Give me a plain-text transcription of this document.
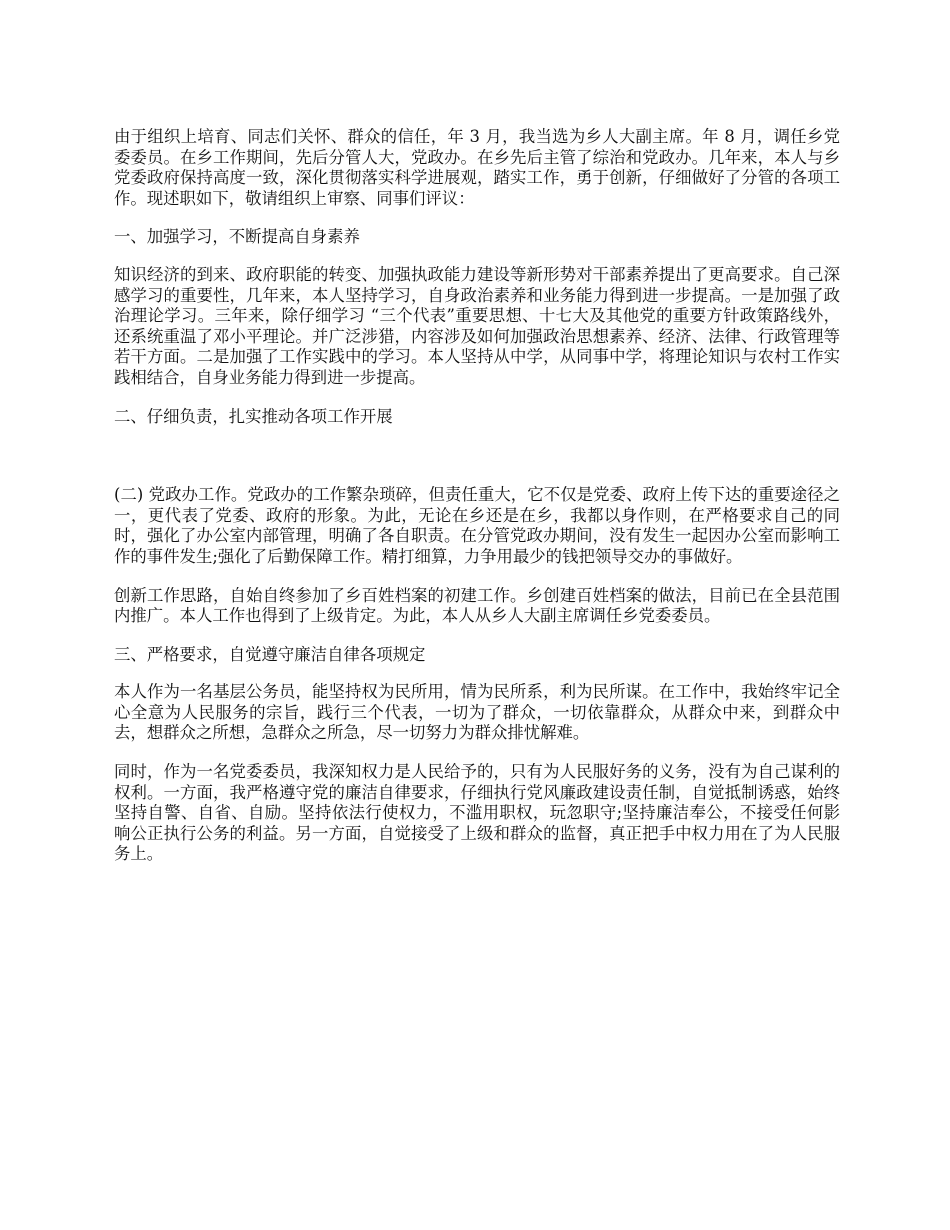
由于组织上培育、同志们关怀、群众的信任，年 3 月，我当选为乡人大副主席。年 8 月，调任乡党委委员。在乡工作期间，先后分管人大，党政办。在乡先后主管了综治和党政办。几年来，本人与乡党委政府保持高度一致，深化贯彻落实科学进展观，踏实工作，勇于创新，仔细做好了分管的各项工作。现述职如下，敬请组织上审察、同事们评议：

一、加强学习，不断提高自身素养

知识经济的到来、政府职能的转变、加强执政能力建设等新形势对干部素养提出了更高要求。自己深感学习的重要性，几年来，本人坚持学习，自身政治素养和业务能力得到进一步提高。一是加强了政治理论学习。三年来，除仔细学习 “三个代表”重要思想、十七大及其他党的重要方针政策路线外，还系统重温了邓小平理论。并广泛涉猎，内容涉及如何加强政治思想素养、经济、法律、行政管理等若干方面。二是加强了工作实践中的学习。本人坚持从中学，从同事中学，将理论知识与农村工作实践相结合，自身业务能力得到进一步提高。

二、仔细负责，扎实推动各项工作开展

(二) 党政办工作。党政办的工作繁杂琐碎，但责任重大，它不仅是党委、政府上传下达的重要途径之一，更代表了党委、政府的形象。为此，无论在乡还是在乡，我都以身作则，在严格要求自己的同时，强化了办公室内部管理，明确了各自职责。在分管党政办期间，没有发生一起因办公室而影响工作的事件发生;强化了后勤保障工作。精打细算，力争用最少的钱把领导交办的事做好。

创新工作思路，自始自终参加了乡百姓档案的初建工作。乡创建百姓档案的做法，目前已在全县范围内推广。本人工作也得到了上级肯定。为此，本人从乡人大副主席调任乡党委委员。

三、严格要求，自觉遵守廉洁自律各项规定

本人作为一名基层公务员，能坚持权为民所用，情为民所系，利为民所谋。在工作中，我始终牢记全心全意为人民服务的宗旨，践行三个代表，一切为了群众，一切依靠群众，从群众中来，到群众中去，想群众之所想，急群众之所急，尽一切努力为群众排忧解难。

同时，作为一名党委委员，我深知权力是人民给予的，只有为人民服好务的义务，没有为自己谋利的权利。一方面，我严格遵守党的廉洁自律要求，仔细执行党风廉政建设责任制，自觉抵制诱惑，始终坚持自警、自省、自励。坚持依法行使权力，不滥用职权，玩忽职守;坚持廉洁奉公，不接受任何影响公正执行公务的利益。另一方面，自觉接受了上级和群众的监督，真正把手中权力用在了为人民服务上。
